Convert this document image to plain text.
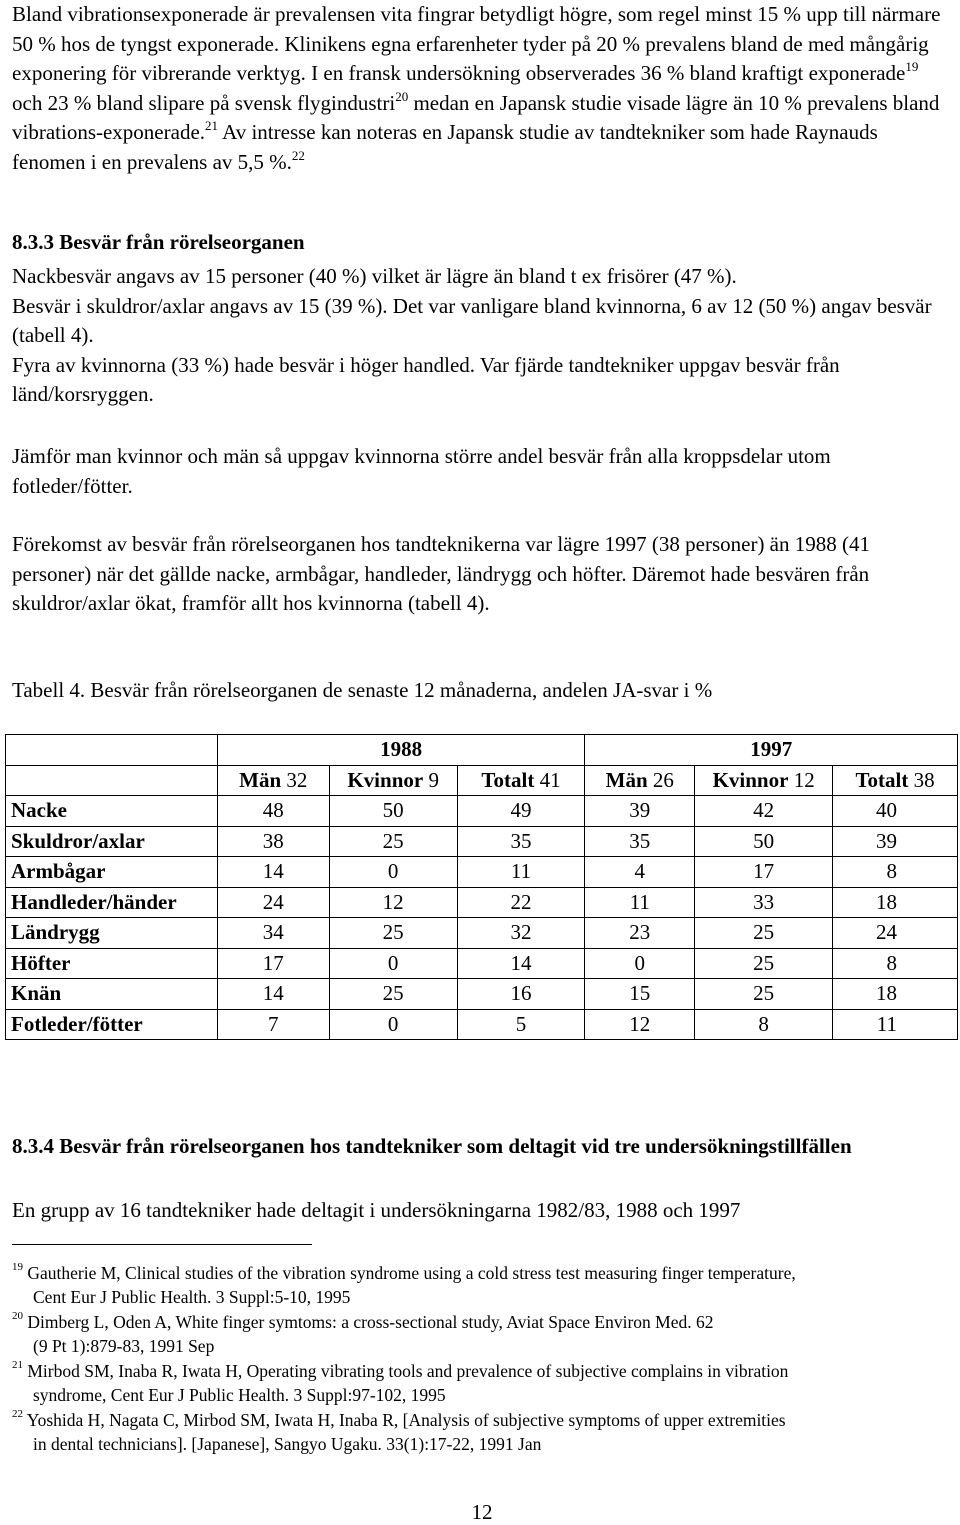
Bland vibrationsexponerade är prevalensen vita fingrar betydligt högre, som regel minst 15 % upp till närmare 50 % hos de tyngst exponerade. Klinikens egna erfarenheter tyder på 20 % prevalens bland de med mångårig exponering för vibrerande verktyg. I en fransk undersökning observerades 36 % bland kraftigt exponerade$^{19}$ och 23 % bland slipare på svensk flygindustri$^{20}$ medan en Japansk studie visade lägre än 10 % prevalens bland vibrations-exponerade.$^{21}$ Av intresse kan noteras en Japansk studie av tandtekniker som hade Raynauds fenomen i en prevalens av 5,5 %.$^{22}$

8.3.3 Besvär från rörelseorganen
Nackbesvär angavs av 15 personer (40 %) vilket är lägre än bland t ex frisörer (47 %).
Besvär i skuldror/axlar angavs av 15 (39 %). Det var vanligare bland kvinnorna, 6 av 12 (50 %) angav besvär (tabell 4).
Fyra av kvinnorna (33 %) hade besvär i höger handled. Var fjärde tandtekniker uppgav besvär från länd/korsryggen.

Jämför man kvinnor och män så uppgav kvinnorna större andel besvär från alla kroppsdelar utom fotleder/fötter.

Förekomst av besvär från rörelseorganen hos tandteknikerna var lägre 1997 (38 personer) än 1988 (41 personer) när det gällde nacke, armbågar, handleder, ländrygg och höfter. Däremot hade besvären från skuldror/axlar ökat, framför allt hos kvinnorna (tabell 4).

Tabell 4. Besvär från rörelseorganen de senaste 12 månaderna, andelen JA-svar i %
	1988			1997		
	Män 32	Kvinnor 9	Totalt 41	Män 26	Kvinnor 12	Totalt 38
Nacke	48	50	49	39	42	40
Skuldror/axlar	38	25	35	35	50	39
Armbågar	14	0	11	4	17	8
Handleder/händer	24	12	22	11	33	18
Ländrygg	34	25	32	23	25	24
Höfter	17	0	14	0	25	8
Knän	14	25	16	15	25	18
Fotleder/fötter	7	0	5	12	8	11
8.3.4 Besvär från rörelseorganen hos tandtekniker som deltagit vid tre undersökningstillfällen

En grupp av 16 tandtekniker hade deltagit i undersökningarna 1982/83, 1988 och 1997

$^{19}$ Gautherie M, Clinical studies of the vibration syndrome using a cold stress test measuring finger temperature,
Cent Eur J Public Health. 3 Suppl:5-10, 1995
$^{20}$ Dimberg L, Oden A, White finger symtoms: a cross-sectional study, Aviat Space Environ Med. 62
(9 Pt 1):879-83, 1991 Sep
$^{21}$ Mirbod SM, Inaba R, Iwata H, Operating vibrating tools and prevalence of subjective complains in vibration
syndrome, Cent Eur J Public Health. 3 Suppl:97-102, 1995
$^{22}$ Yoshida H, Nagata C, Mirbod SM, Iwata H, Inaba R, [Analysis of subjective symptoms of upper extremities
in dental technicians]. [Japanese], Sangyo Ugaku. 33(1):17-22, 1991 Jan
12
